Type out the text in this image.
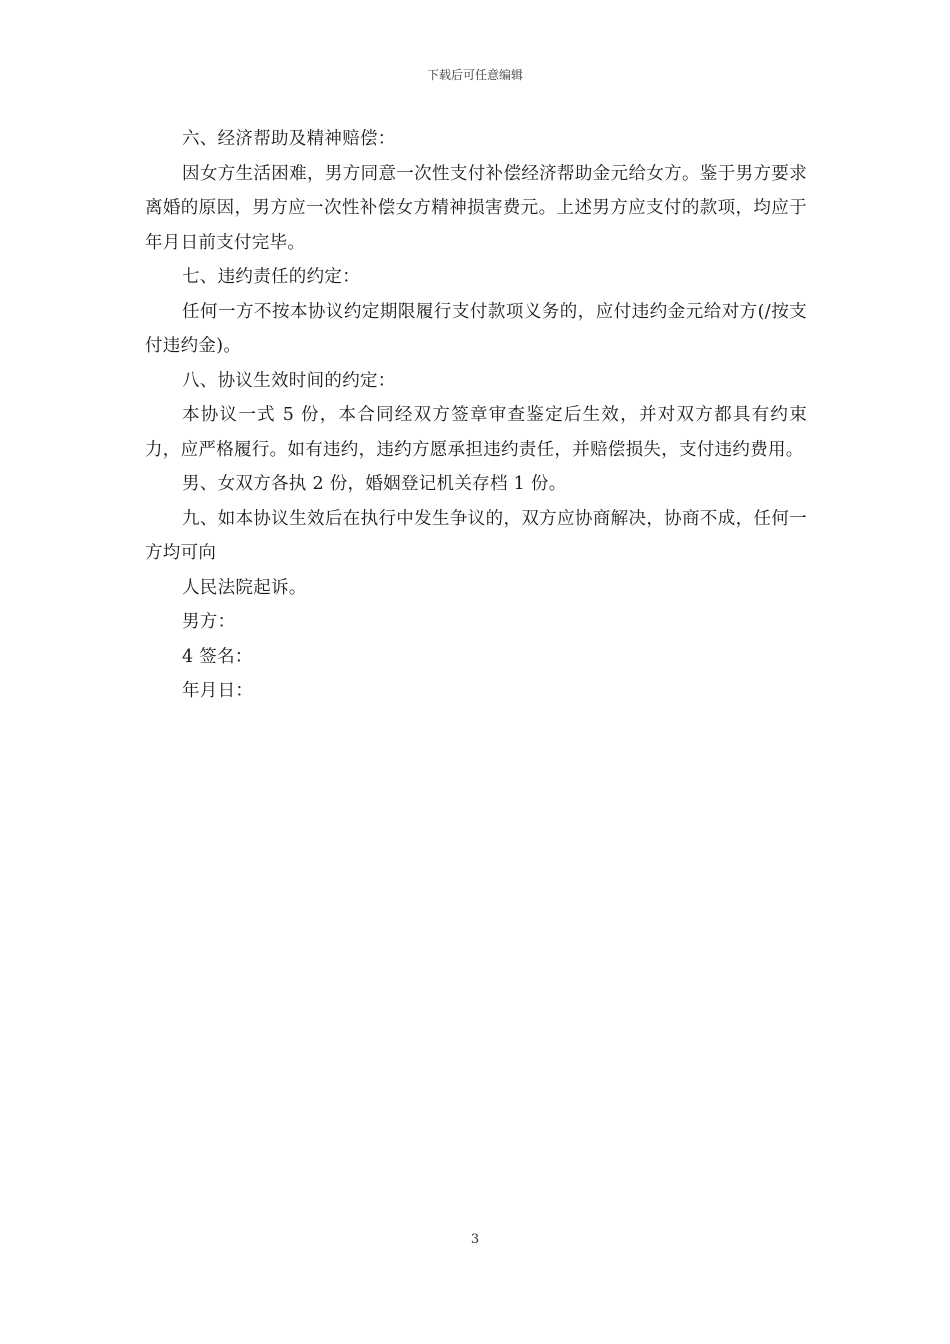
下载后可任意编辑

六、经济帮助及精神赔偿：

因女方生活困难，男方同意一次性支付补偿经济帮助金元给女方。鉴于男方要求离婚的原因，男方应一次性补偿女方精神损害费元。上述男方应支付的款项，均应于年月日前支付完毕。

七、违约责任的约定：

任何一方不按本协议约定期限履行支付款项义务的，应付违约金元给对方(/按支付违约金)。

八、协议生效时间的约定：

本协议一式 5 份，本合同经双方签章审查鉴定后生效，并对双方都具有约束力，应严格履行。如有违约，违约方愿承担违约责任，并赔偿损失，支付违约费用。

男、女双方各执 2 份，婚姻登记机关存档 1 份。

九、如本协议生效后在执行中发生争议的，双方应协商解决，协商不成，任何一方均可向

人民法院起诉。

男方：

4 签名：

年月日：

3
